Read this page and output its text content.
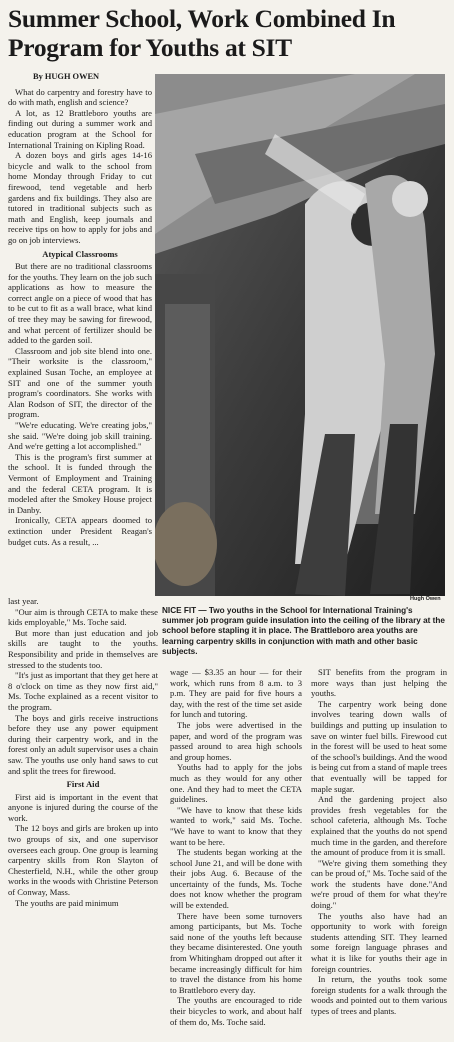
Summer School, Work Combined In Program for Youths at SIT

By HUGH OWEN

What do carpentry and forestry have to do with math, english and science?

A lot, as 12 Brattleboro youths are finding out during a summer work and education program at the School for International Training on Kipling Road.

A dozen boys and girls ages 14-16 bicycle and walk to the school from home Monday through Friday to cut firewood, tend vegetable and herb gardens and fix buildings. They also are tutored in traditional subjects such as math and English, keep journals and receive tips on how to apply for jobs and go on job interviews.

Atypical Classrooms

But there are no traditional classrooms for the youths. They learn on the job such applications as how to measure the correct angle on a piece of wood that has to be cut to fit as a wall brace, what kind of tree they may be sawing for firewood, and what percent of fertilizer should be added to the garden soil.

Classroom and job site blend into one. "Their worksite is the classroom," explained Susan Toche, an employee at SIT and one of the summer youth program's coordinators. She works with Alan Rodson of SIT, the director of the program.

"We're educating. We're creating jobs," she said. "We're doing job skill training. And we're getting a lot accomplished."

This is the program's first summer at the school. It is funded through the Vermont of Employment and Training and the federal CETA program. It is modeled after the Smokey House project in Danby.

Ironically, CETA appears doomed to extinction under President Reagan's budget cuts. As a result, ...

Hugh Owen
NICE FIT — Two youths in the School for International Training's summer job program guide insulation into the ceiling of the library at the school before stapling it in place. The Brattleboro area youths are learning carpentry skills in conjunction with math and other basic subjects.

last year.

"Our aim is through CETA to make these kids employable," Ms. Toche said.

But more than just education and job skills are taught to the youths. Responsibility and pride in themselves are stressed to the students too.

"It's just as important that they get here at 8 o'clock on time as they now first aid," Ms. Toche explained as a recent visitor to the program.

The boys and girls receive instructions before they use any power equipment during their carpentry work, and in the forest only an adult supervisor uses a chain saw. The youths use only hand saws to cut and split the trees for firewood.

First Aid

First aid is important in the event that anyone is injured during the course of the work.

The 12 boys and girls are broken up into two groups of six, and one supervisor oversees each group. One group is learning carpentry skills from Ron Slayton of Chesterfield, N.H., while the other group works in the woods with Christine Peterson of Conway, Mass.

The youths are paid minimum

wage — $3.35 an hour — for their work, which runs from 8 a.m. to 3 p.m. They are paid for five hours a day, with the rest of the time set aside for lunch and tutoring.

The jobs were advertised in the paper, and word of the program was passed around to area high schools and group homes.

Youths had to apply for the jobs much as they would for any other one. And they had to meet the CETA guidelines.

"We have to know that these kids wanted to work," said Ms. Toche. "We have to want to know that they want to be here.

The students began working at the school June 21, and will be done with their jobs Aug. 6. Because of the uncertainty of the funds, Ms. Toche does not know whether the program will be extended.

There have been some turnovers among participants, but Ms. Toche said none of the youths left because they became disinterested. One youth from Whitingham dropped out after it became increasingly difficult for him to travel the distance from his home to Brattleboro every day.

The youths are encouraged to ride their bicycles to work, and about half of them do, Ms. Toche said.

SIT benefits from the program in more ways than just helping the youths.

The carpentry work being done involves tearing down walls of buildings and putting up insulation to save on winter fuel bills. Firewood cut in the forest will be used to heat some of the school's buildings. And the wood is being cut from a stand of maple trees that eventually will be tapped for maple sugar.

And the gardening project also provides fresh vegetables for the school cafeteria, although Ms. Toche explained that the youths do not spend much time in the garden, and therefore the amount of produce from it is small.

"We're giving them something they can be proud of," Ms. Toche said of the work the students have done."And we're proud of them for what they're doing."

The youths also have had an opportunity to work with foreign students attending SIT. They learned some foreign language phrases and what it is like for youths their age in foreign countries.

In return, the youths took some foreign students for a walk through the woods and pointed out to them various types of trees and plants.
